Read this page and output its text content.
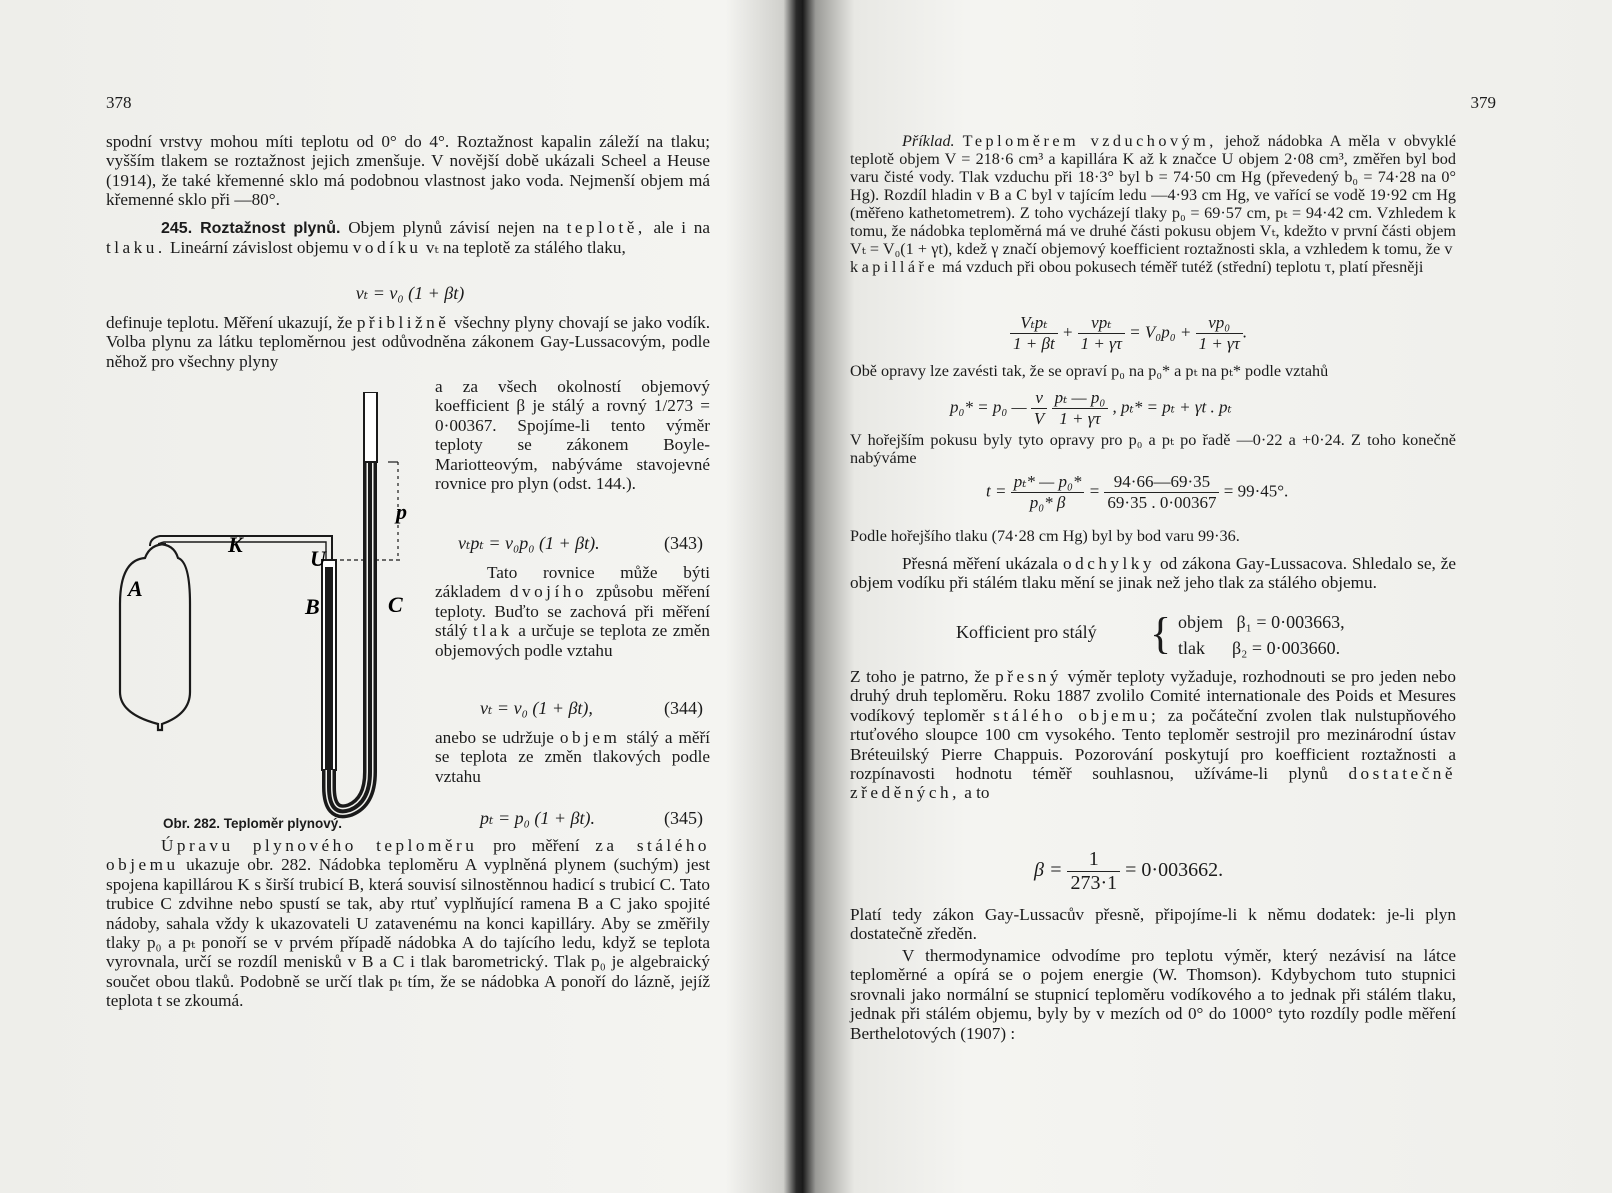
378

spodní vrstvy mohou míti teplotu od 0° do 4°. Roztažnost kapalin záleží na tlaku; vyšším tlakem se roztažnost jejich zmenšuje. V novější době ukázali Scheel a Heuse (1914), že také křemenné sklo má podobnou vlastnost jako voda. Nejmenší objem má křemenné sklo při —80°.

245. Roztažnost plynů. Objem plynů závisí nejen na teplotě, ale i na tlaku. Lineární závislost objemu vodíku vₜ na teplotě za stálého tlaku,

vₜ = v₀ (1 + βt)

definuje teplotu. Měření ukazují, že přibližně všechny plyny chovají se jako vodík. Volba plynu za látku teploměrnou jest odůvodněna zákonem Gay-Lussacovým, podle něhož pro všechny plyny

a za všech okolností objemový koefficient β je stálý a rovný 1/273 = 0·00367. Spojíme-li tento výměr teploty se zákonem Boyle-Mariotteovým, nabýváme stavojevné rovnice pro plyn (odst. 144.).

vₜpₜ = v₀p₀ (1 + βt).	(343)

Tato rovnice může býti základem dvojího způsobu měření teploty. Buďto se zachová při měření stálý tlak a určuje se teplota ze změn objemových podle vztahu

vₜ = v₀ (1 + βt),	(344)

anebo se udržuje objem stálý a měří se teplota ze změn tlakových podle vztahu

pₜ = p₀ (1 + βt).	(345)
A
K
U
B	C
p
Obr. 282. Teploměr plynový.

Úpravu plynového teploměru pro měření za stálého objemu ukazuje obr. 282. Nádobka teploměru A vyplněná plynem (suchým) jest spojena kapillárou K s širší trubicí B, která souvisí silnostěnnou hadicí s trubicí C. Tato trubice C zdvihne nebo spustí se tak, aby rtuť vyplňující ramena B a C jako spojité nádoby, sahala vždy k ukazovateli U zatavenému na konci kapilláry. Aby se změřily tlaky p₀ a pₜ ponoří se v prvém případě nádobka A do tajícího ledu, když se teplota vyrovnala, určí se rozdíl menisků v B a C i tlak barometrický. Tlak p₀ je algebraický součet obou tlaků. Podobně se určí tlak pₜ tím, že se nádobka A ponoří do lázně, jejíž teplota t se zkoumá.

379

Příklad. Teploměrem vzduchovým, jehož nádobka A měla v obvyklé teplotě objem V = 218·6 cm³ a kapillára K až k značce U objem 2·08 cm³, změřen byl bod varu čisté vody. Tlak vzduchu při 18·3° byl b = 74·50 cm Hg (převedený b₀ = 74·28 na 0° Hg). Rozdíl hladin v B a C byl v tajícím ledu —4·93 cm Hg, ve vařící se vodě 19·92 cm Hg (měřeno kathetometrem). Z toho vycházejí tlaky p₀ = 69·57 cm, pₜ = 94·42 cm. Vzhledem k tomu, že nádobka teploměrná má ve druhé části pokusu objem Vₜ, kdežto v první části objem Vₜ = V₀(1 + γt), kdež γ značí objemový koefficient roztažnosti skla, a vzhledem k tomu, že v kapilláře má vzduch při obou pokusech téměř tutéž (střední) teplotu τ, platí přesněji

$\frac{\text{Vₜpₜ}}{1 + \beta t} + \frac{\text{vpₜ}}{1 + \gamma\tau} = V_0p_0 + \frac{\text{vp₀}}{1 + \gamma\tau}$ .

Obě opravy lze zavésti tak, že se opraví p₀ na p₀* a pₜ na pₜ* podle vztahů

p₀* = p₀ — $\frac{v}{V}$
$\frac{\text{pₜ — p₀}}{1 + \gamma\tau}$ , pₜ* = pₜ + γt . pₜ

V hořejším pokusu byly tyto opravy pro p₀ a pₜ po řadě —0·22 a +0·24. Z toho konečně nabýváme

$t = \frac{\text{pₜ* — p₀*}}{\text{p₀* β}} = \frac{94\cdot 66—69\cdot 35}{69\cdot 35 . 0\cdot 00367} = 99\cdot 45^\circ$.

Podle hořejšího tlaku (74·28 cm Hg) byl by bod varu 99·36.

Přesná měření ukázala odchylky od zákona Gay-Lussacova. Shledalo se, že objem vodíku při stálém tlaku mění se jinak než jeho tlak za stálého objemu.

Kofficient pro stálý { objem   β₁ = 0·003663,
tlak      β₂ = 0·003660.

Z toho je patrno, že přesný výměr teploty vyžaduje, rozhodnouti se pro jeden nebo druhý druh teploměru. Roku 1887 zvolilo Comité internationale des Poids et Mesures vodíkový teploměr stálého objemu; za počáteční zvolen tlak nulstupňového rtuťového sloupce 100 cm vysokého. Tento teploměr sestrojil pro mezinárodní ústav Bréteuilský Pierre Chappuis. Pozorování poskytují pro koefficient roztažnosti a rozpínavosti hodnotu téměř souhlasnou, užíváme-li plynů dostatečně zředěných, a to

$\beta = \frac{1}{273\cdot 1} = 0\cdot 003662$.

Platí tedy zákon Gay-Lussacův přesně, připojíme-li k němu dodatek: je-li plyn dostatečně zředěn.

V thermodynamice odvodíme pro teplotu výměr, který nezávisí na látce teploměrné a opírá se o pojem energie (W. Thomson). Kdybychom tuto stupnici srovnali jako normální se stupnicí teploměru vodíkového a to jednak při stálém tlaku, jednak při stálém objemu, byly by v mezích od 0° do 1000° tyto rozdíly podle měření Berthelotových (1907) :
